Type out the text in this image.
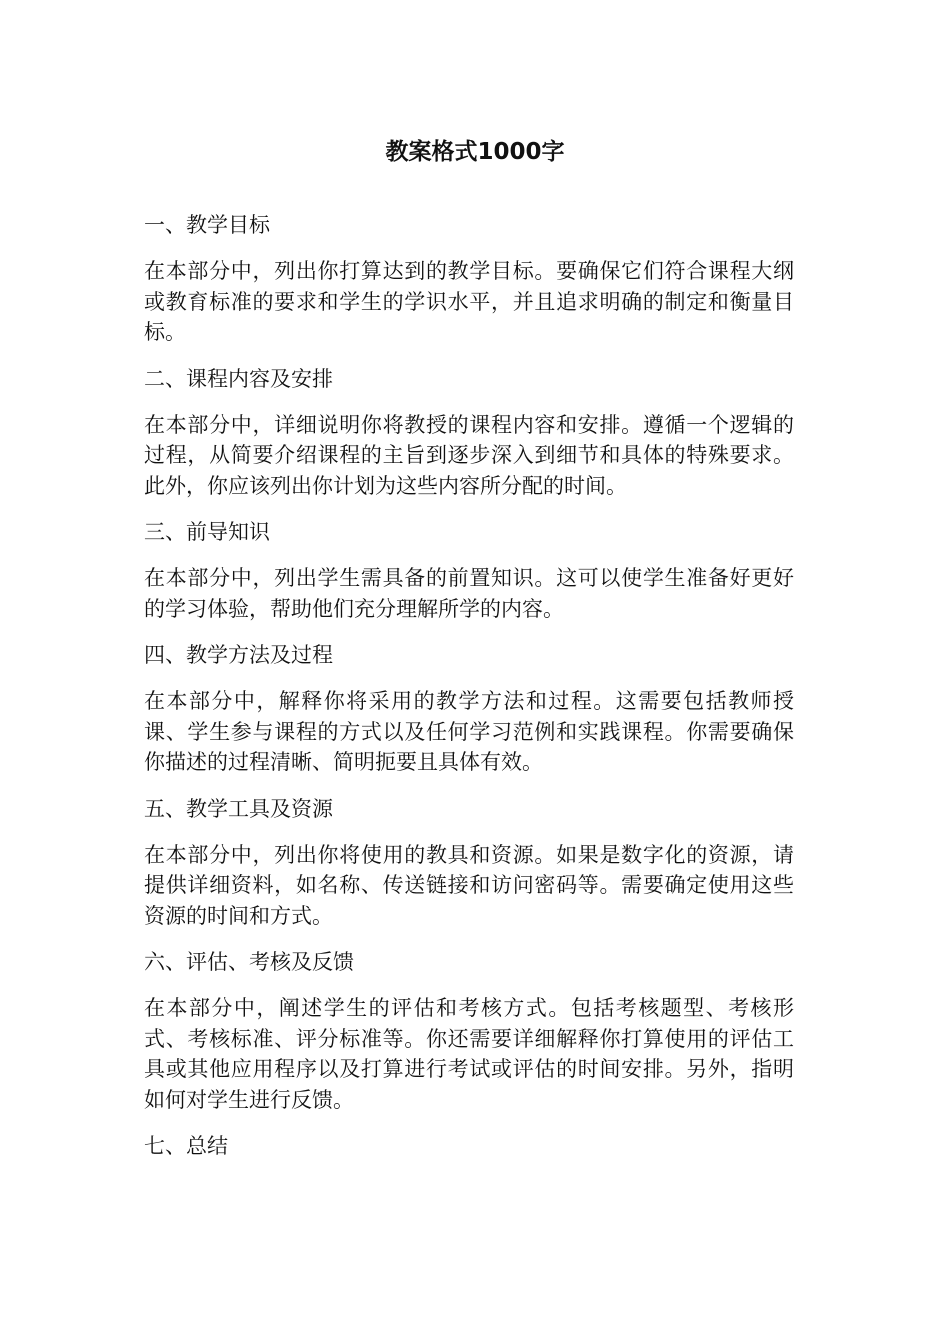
教案格式1000字

一、教学目标

在本部分中，列出你打算达到的教学目标。要确保它们符合课程大纲或教育标准的要求和学生的学识水平，并且追求明确的制定和衡量目标。

二、课程内容及安排

在本部分中，详细说明你将教授的课程内容和安排。遵循一个逻辑的过程，从简要介绍课程的主旨到逐步深入到细节和具体的特殊要求。此外，你应该列出你计划为这些内容所分配的时间。

三、前导知识

在本部分中，列出学生需具备的前置知识。这可以使学生准备好更好的学习体验，帮助他们充分理解所学的内容。

四、教学方法及过程

在本部分中，解释你将采用的教学方法和过程。这需要包括教师授课、学生参与课程的方式以及任何学习范例和实践课程。你需要确保你描述的过程清晰、简明扼要且具体有效。

五、教学工具及资源

在本部分中，列出你将使用的教具和资源。如果是数字化的资源，请提供详细资料，如名称、传送链接和访问密码等。需要确定使用这些资源的时间和方式。

六、评估、考核及反馈

在本部分中，阐述学生的评估和考核方式。包括考核题型、考核形式、考核标准、评分标准等。你还需要详细解释你打算使用的评估工具或其他应用程序以及打算进行考试或评估的时间安排。另外，指明如何对学生进行反馈。

七、总结
